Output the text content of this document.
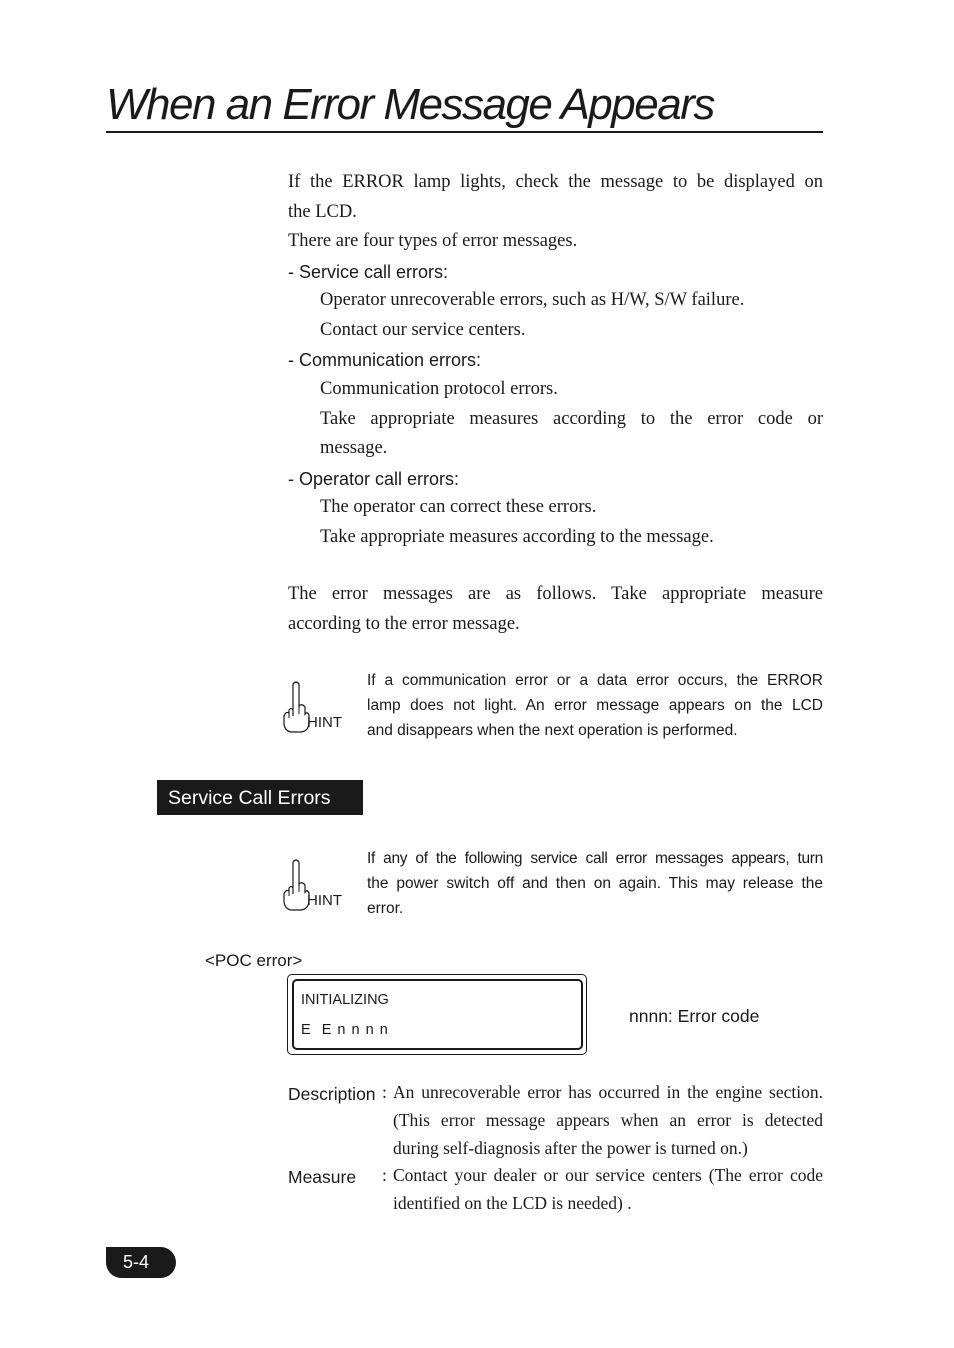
When an Error Message Appears
If the ERROR lamp lights, check the message to be displayed on
the LCD.
There are four types of error messages.
- Service call errors:
Operator unrecoverable errors, such as H/W, S/W failure.
Contact our service centers.
- Communication errors:
Communication protocol errors.
Take appropriate measures according to the error code or
message.
- Operator call errors:
The operator can correct these errors.
Take appropriate measures according to the message.
The error messages are as follows. Take appropriate measure
according to the error message.
HINT
If a communication error or a data error occurs, the ERROR
lamp does not light. An error message appears on the LCD
and disappears when the next operation is performed.
Service Call Errors
HINT
If any of the following service call error messages appears, turn
the power switch off and then on again. This may release the
error.
<POC error>
INITIALIZING
E  E n n n n
nnnn: Error code
Description : An unrecoverable error has occurred in the engine section.
(This error message appears when an error is detected
during self-diagnosis after the power is turned on.)
Measure : Contact your dealer or our service centers (The error code
identified on the LCD is needed) .
5-4
